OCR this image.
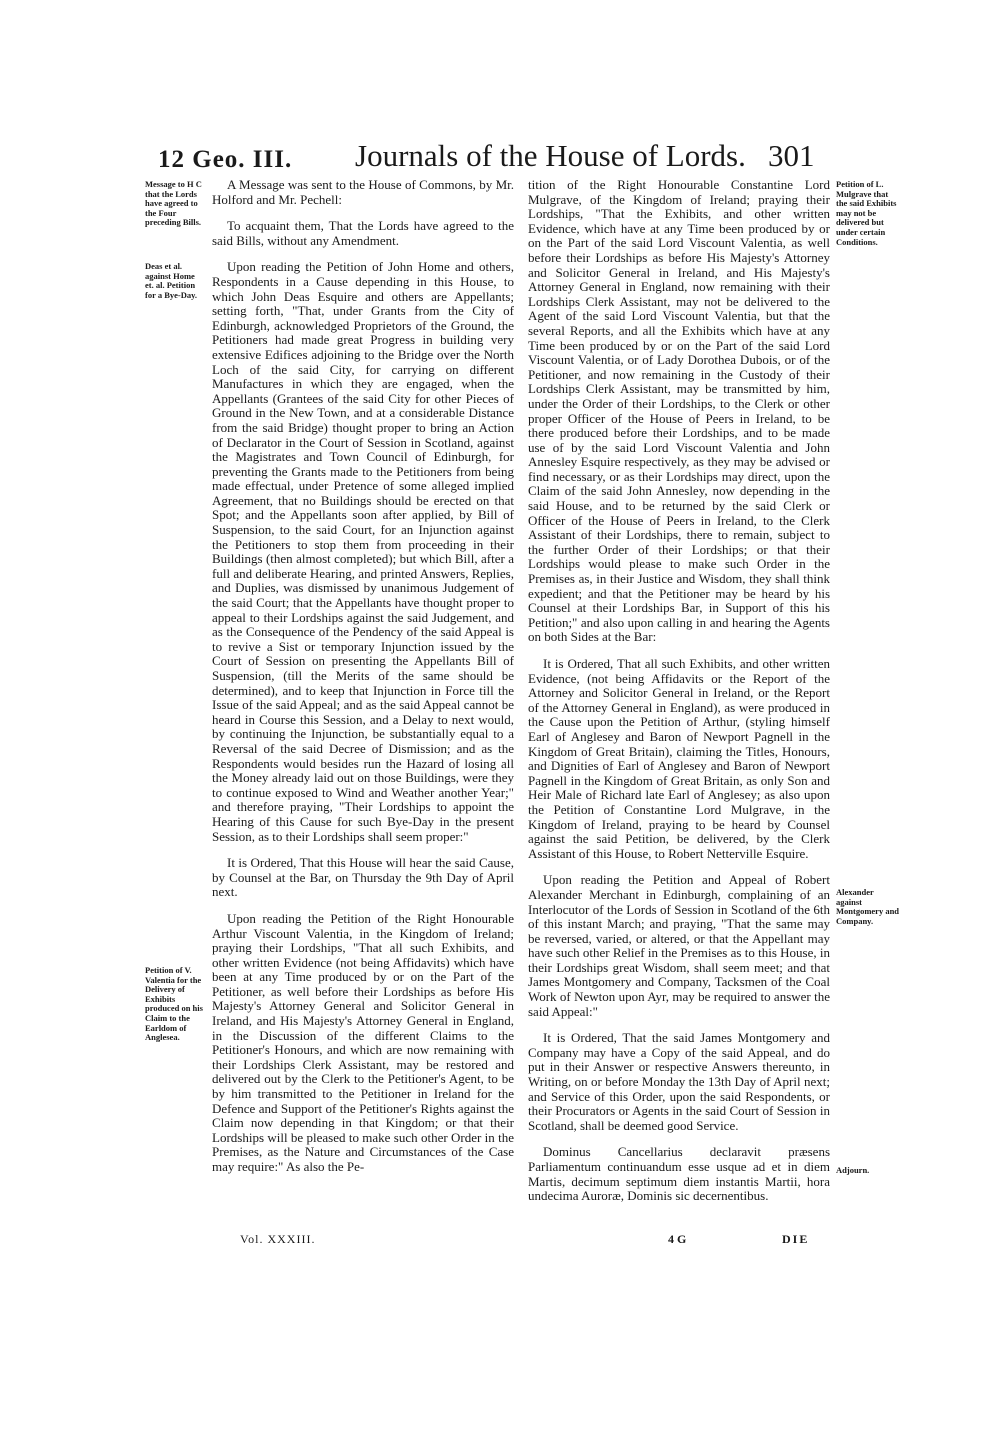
12 Geo. III. Journals of the House of Lords. 301
Message to H C that the Lords have agreed to the Four preceding Bills.
Deas et al. against Home et. al. Petition for a Bye-Day.
Petition of V. Valentia for the Delivery of Exhibits produced on his Claim to the Earldom of Anglesea.
Petition of L. Mulgrave that the said Exhibits may not be delivered but under certain Conditions.
Alexander against Montgomery and Company.
Adjourn.

A Message was sent to the House of Commons, by Mr. Holford and Mr. Pechell:

To acquaint them, That the Lords have agreed to the said Bills, without any Amendment.

Upon reading the Petition of John Home and others, Respondents in a Cause depending in this House, to which John Deas Esquire and others are Appellants; setting forth, "That, under Grants from the City of Edinburgh, acknowledged Proprietors of the Ground, the Petitioners had made great Progress in building very extensive Edifices adjoining to the Bridge over the North Loch of the said City, for carrying on different Manufactures in which they are engaged, when the Appellants (Grantees of the said City for other Pieces of Ground in the New Town, and at a considerable Distance from the said Bridge) thought proper to bring an Action of Declarator in the Court of Session in Scotland, against the Magistrates and Town Council of Edinburgh, for preventing the Grants made to the Petitioners from being made effectual, under Pretence of some alleged implied Agreement, that no Buildings should be erected on that Spot; and the Appellants soon after applied, by Bill of Suspension, to the said Court, for an Injunction against the Petitioners to stop them from proceeding in their Buildings (then almost completed); but which Bill, after a full and deliberate Hearing, and printed Answers, Replies, and Duplies, was dismissed by unanimous Judgement of the said Court; that the Appellants have thought proper to appeal to their Lordships against the said Judgement, and as the Consequence of the Pendency of the said Appeal is to revive a Sist or temporary Injunction issued by the Court of Session on presenting the Appellants Bill of Suspension, (till the Merits of the same should be determined), and to keep that Injunction in Force till the Issue of the said Appeal; and as the said Appeal cannot be heard in Course this Session, and a Delay to next would, by continuing the Injunction, be substantially equal to a Reversal of the said Decree of Dismission; and as the Respondents would besides run the Hazard of losing all the Money already laid out on those Buildings, were they to continue exposed to Wind and Weather another Year;" and therefore praying, "Their Lordships to appoint the Hearing of this Cause for such Bye-Day in the present Session, as to their Lordships shall seem proper:"

It is Ordered, That this House will hear the said Cause, by Counsel at the Bar, on Thursday the 9th Day of April next.

Upon reading the Petition of the Right Honourable Arthur Viscount Valentia, in the Kingdom of Ireland; praying their Lordships, "That all such Exhibits, and other written Evidence (not being Affidavits) which have been at any Time produced by or on the Part of the Petitioner, as well before their Lordships as before His Majesty's Attorney General and Solicitor General in Ireland, and His Majesty's Attorney General in England, in the Discussion of the different Claims to the Petitioner's Honours, and which are now remaining with their Lordships Clerk Assistant, may be restored and delivered out by the Clerk to the Petitioner's Agent, to be by him transmitted to the Petitioner in Ireland for the Defence and Support of the Petitioner's Rights against the Claim now depending in that Kingdom; or that their Lordships will be pleased to make such other Order in the Premises, as the Nature and Circumstances of the Case may require:" As also the Pe-

tition of the Right Honourable Constantine Lord Mulgrave, of the Kingdom of Ireland; praying their Lordships, "That the Exhibits, and other written Evidence, which have at any Time been produced by or on the Part of the said Lord Viscount Valentia, as well before their Lordships as before His Majesty's Attorney and Solicitor General in Ireland, and His Majesty's Attorney General in England, now remaining with their Lordships Clerk Assistant, may not be delivered to the Agent of the said Lord Viscount Valentia, but that the several Reports, and all the Exhibits which have at any Time been produced by or on the Part of the said Lord Viscount Valentia, or of Lady Dorothea Dubois, or of the Petitioner, and now remaining in the Custody of their Lordships Clerk Assistant, may be transmitted by him, under the Order of their Lordships, to the Clerk or other proper Officer of the House of Peers in Ireland, to be there produced before their Lordships, and to be made use of by the said Lord Viscount Valentia and John Annesley Esquire respectively, as they may be advised or find necessary, or as their Lordships may direct, upon the Claim of the said John Annesley, now depending in the said House, and to be returned by the said Clerk or Officer of the House of Peers in Ireland, to the Clerk Assistant of their Lordships, there to remain, subject to the further Order of their Lordships; or that their Lordships would please to make such Order in the Premises as, in their Justice and Wisdom, they shall think expedient; and that the Petitioner may be heard by his Counsel at their Lordships Bar, in Support of this his Petition;" and also upon calling in and hearing the Agents on both Sides at the Bar:

It is Ordered, That all such Exhibits, and other written Evidence, (not being Affidavits or the Report of the Attorney and Solicitor General in Ireland, or the Report of the Attorney General in England), as were produced in the Cause upon the Petition of Arthur, (styling himself Earl of Anglesey and Baron of Newport Pagnell in the Kingdom of Great Britain), claiming the Titles, Honours, and Dignities of Earl of Anglesey and Baron of Newport Pagnell in the Kingdom of Great Britain, as only Son and Heir Male of Richard late Earl of Anglesey; as also upon the Petition of Constantine Lord Mulgrave, in the Kingdom of Ireland, praying to be heard by Counsel against the said Petition, be delivered, by the Clerk Assistant of this House, to Robert Netterville Esquire.

Upon reading the Petition and Appeal of Robert Alexander Merchant in Edinburgh, complaining of an Interlocutor of the Lords of Session in Scotland of the 6th of this instant March; and praying, "That the same may be reversed, varied, or altered, or that the Appellant may have such other Relief in the Premises as to this House, in their Lordships great Wisdom, shall seem meet; and that James Montgomery and Company, Tacksmen of the Coal Work of Newton upon Ayr, may be required to answer the said Appeal:"

It is Ordered, That the said James Montgomery and Company may have a Copy of the said Appeal, and do put in their Answer or respective Answers thereunto, in Writing, on or before Monday the 13th Day of April next; and Service of this Order, upon the said Respondents, or their Procurators or Agents in the said Court of Session in Scotland, shall be deemed good Service.

Dominus Cancellarius declaravit præsens Parliamentum continuandum esse usque ad et in diem Martis, decimum septimum diem instantis Martii, hora undecima Auroræ, Dominis sic decernentibus.

Vol. XXXIII.	4 G	DIE
